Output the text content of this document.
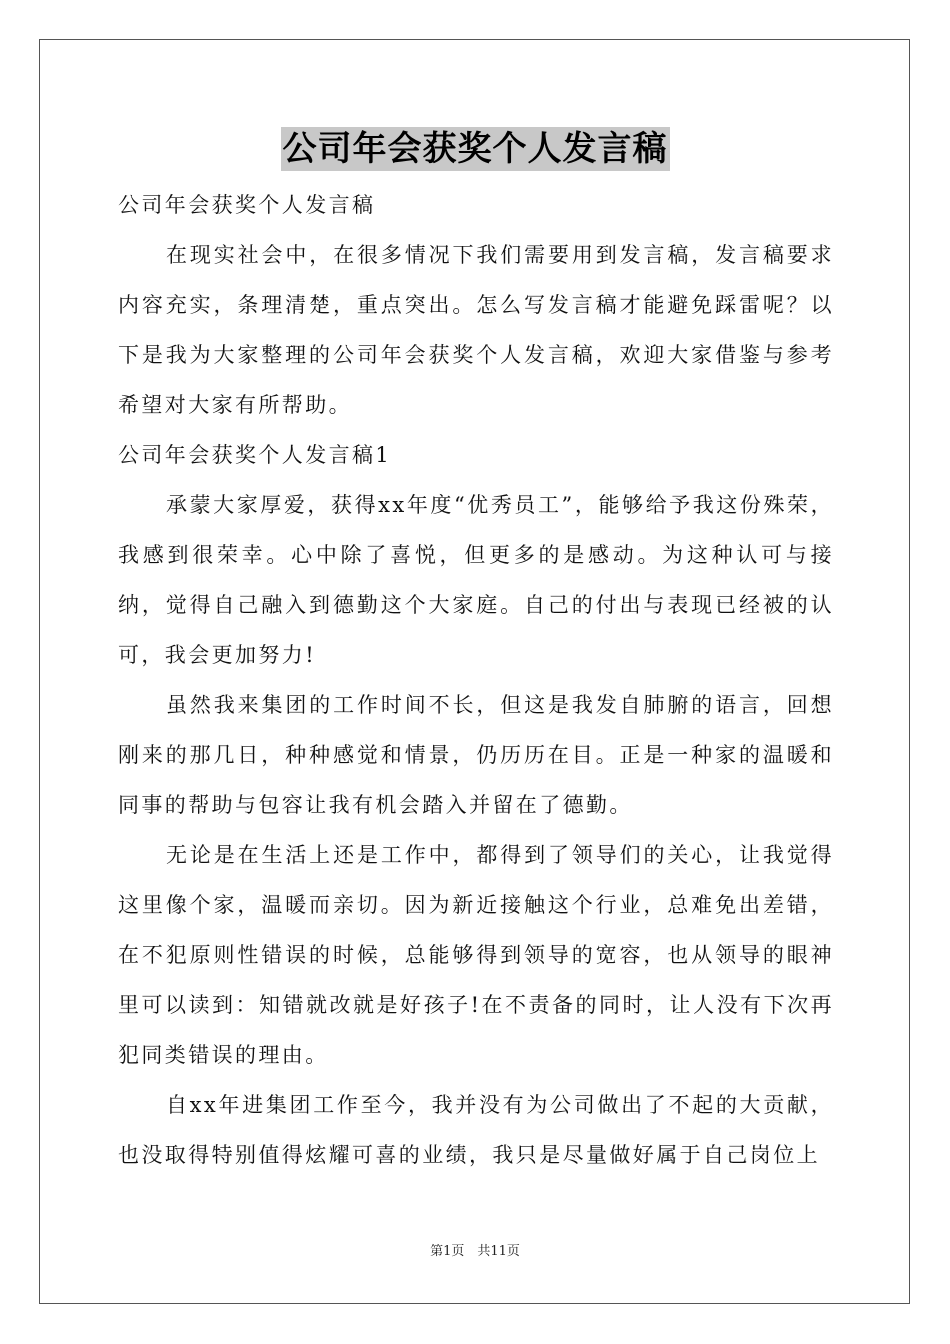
公司年会获奖个人发言稿

公司年会获奖个人发言稿

在现实社会中，在很多情况下我们需要用到发言稿，发言稿要求内容充实，条理清楚，重点突出。怎么写发言稿才能避免踩雷呢？以下是我为大家整理的公司年会获奖个人发言稿，欢迎大家借鉴与参考希望对大家有所帮助。

公司年会获奖个人发言稿1

承蒙大家厚爱，获得xx年度“优秀员工”，能够给予我这份殊荣，我感到很荣幸。心中除了喜悦，但更多的是感动。为这种认可与接纳，觉得自己融入到德勤这个大家庭。自己的付出与表现已经被的认可，我会更加努力!

虽然我来集团的工作时间不长，但这是我发自肺腑的语言，回想刚来的那几日，种种感觉和情景，仍历历在目。正是一种家的温暖和同事的帮助与包容让我有机会踏入并留在了德勤。

无论是在生活上还是工作中，都得到了领导们的关心，让我觉得这里像个家，温暖而亲切。因为新近接触这个行业，总难免出差错，在不犯原则性错误的时候，总能够得到领导的宽容，也从领导的眼神里可以读到：知错就改就是好孩子!在不责备的同时，让人没有下次再犯同类错误的理由。

自xx年进集团工作至今，我并没有为公司做出了不起的大贡献，也没取得特别值得炫耀可喜的业绩，我只是尽量做好属于自己岗位上

第1页　共11页
